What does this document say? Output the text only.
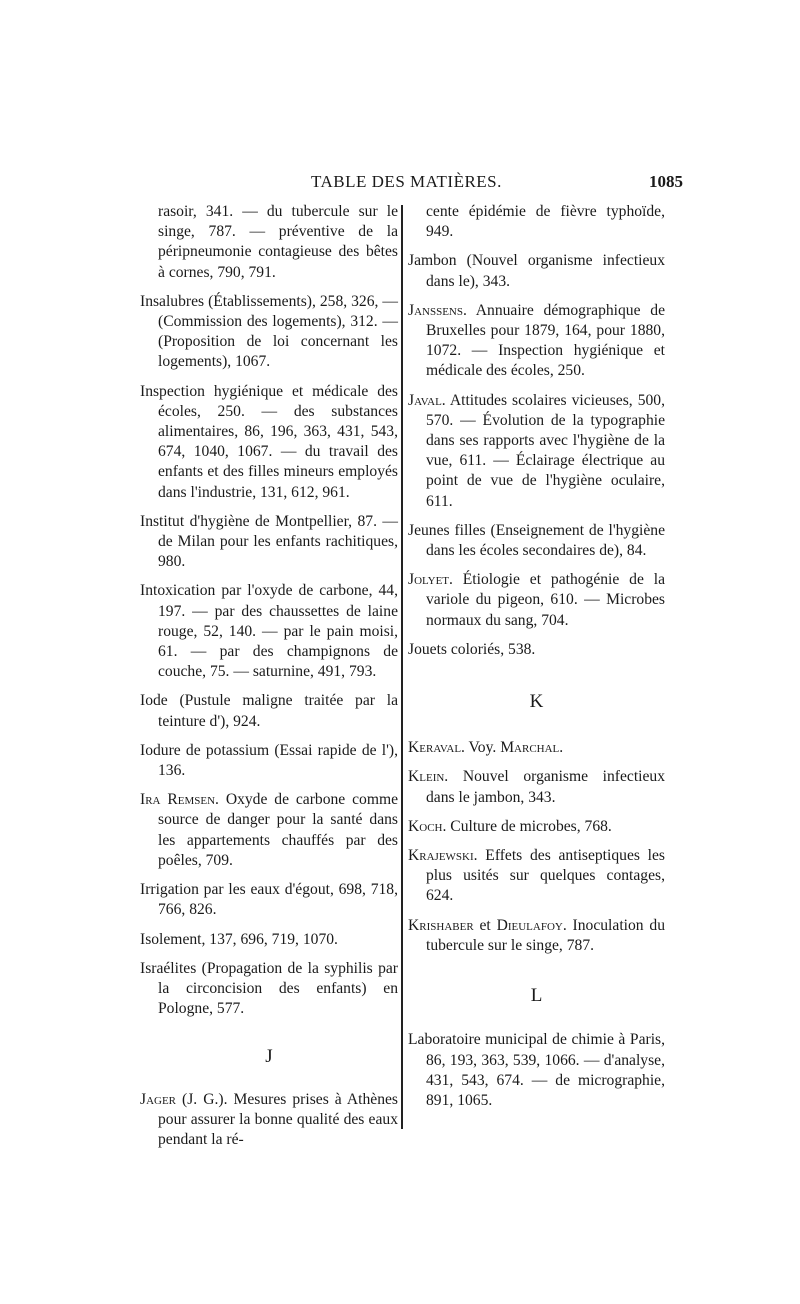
TABLE DES MATIÈRES.	1085

rasoir, 341. — du tubercule sur le singe, 787. — préventive de la péripneumonie contagieuse des bêtes à cornes, 790, 791.

Insalubres (Établissements), 258, 326, — (Commission des logements), 312. — (Proposition de loi concernant les logements), 1067.

Inspection hygiénique et médicale des écoles, 250. — des substances alimentaires, 86, 196, 363, 431, 543, 674, 1040, 1067. — du travail des enfants et des filles mineurs employés dans l'industrie, 131, 612, 961.

Institut d'hygiène de Montpellier, 87. — de Milan pour les enfants rachitiques, 980.

Intoxication par l'oxyde de carbone, 44, 197. — par des chaussettes de laine rouge, 52, 140. — par le pain moisi, 61. — par des champignons de couche, 75. — saturnine, 491, 793.

Iode (Pustule maligne traitée par la teinture d'), 924.

Iodure de potassium (Essai rapide de l'), 136.

Ira Remsen. Oxyde de carbone comme source de danger pour la santé dans les appartements chauffés par des poêles, 709.

Irrigation par les eaux d'égout, 698, 718, 766, 826.

Isolement, 137, 696, 719, 1070.

Israélites (Propagation de la syphilis par la circoncision des enfants) en Pologne, 577.

J

Jager (J. G.). Mesures prises à Athènes pour assurer la bonne qualité des eaux pendant la ré-

cente épidémie de fièvre typhoïde, 949.

Jambon (Nouvel organisme infectieux dans le), 343.

Janssens. Annuaire démographique de Bruxelles pour 1879, 164, pour 1880, 1072. — Inspection hygiénique et médicale des écoles, 250.

Javal. Attitudes scolaires vicieuses, 500, 570. — Évolution de la typographie dans ses rapports avec l'hygiène de la vue, 611. — Éclairage électrique au point de vue de l'hygiène oculaire, 611.

Jeunes filles (Enseignement de l'hygiène dans les écoles secondaires de), 84.

Jolyet. Étiologie et pathogénie de la variole du pigeon, 610. — Microbes normaux du sang, 704.

Jouets coloriés, 538.

K

Keraval. Voy. Marchal.

Klein. Nouvel organisme infectieux dans le jambon, 343.

Koch. Culture de microbes, 768.

Krajewski. Effets des antiseptiques les plus usités sur quelques contages, 624.

Krishaber et Dieulafoy. Inoculation du tubercule sur le singe, 787.

L

Laboratoire municipal de chimie à Paris, 86, 193, 363, 539, 1066. — d'analyse, 431, 543, 674. — de micrographie, 891, 1065.
